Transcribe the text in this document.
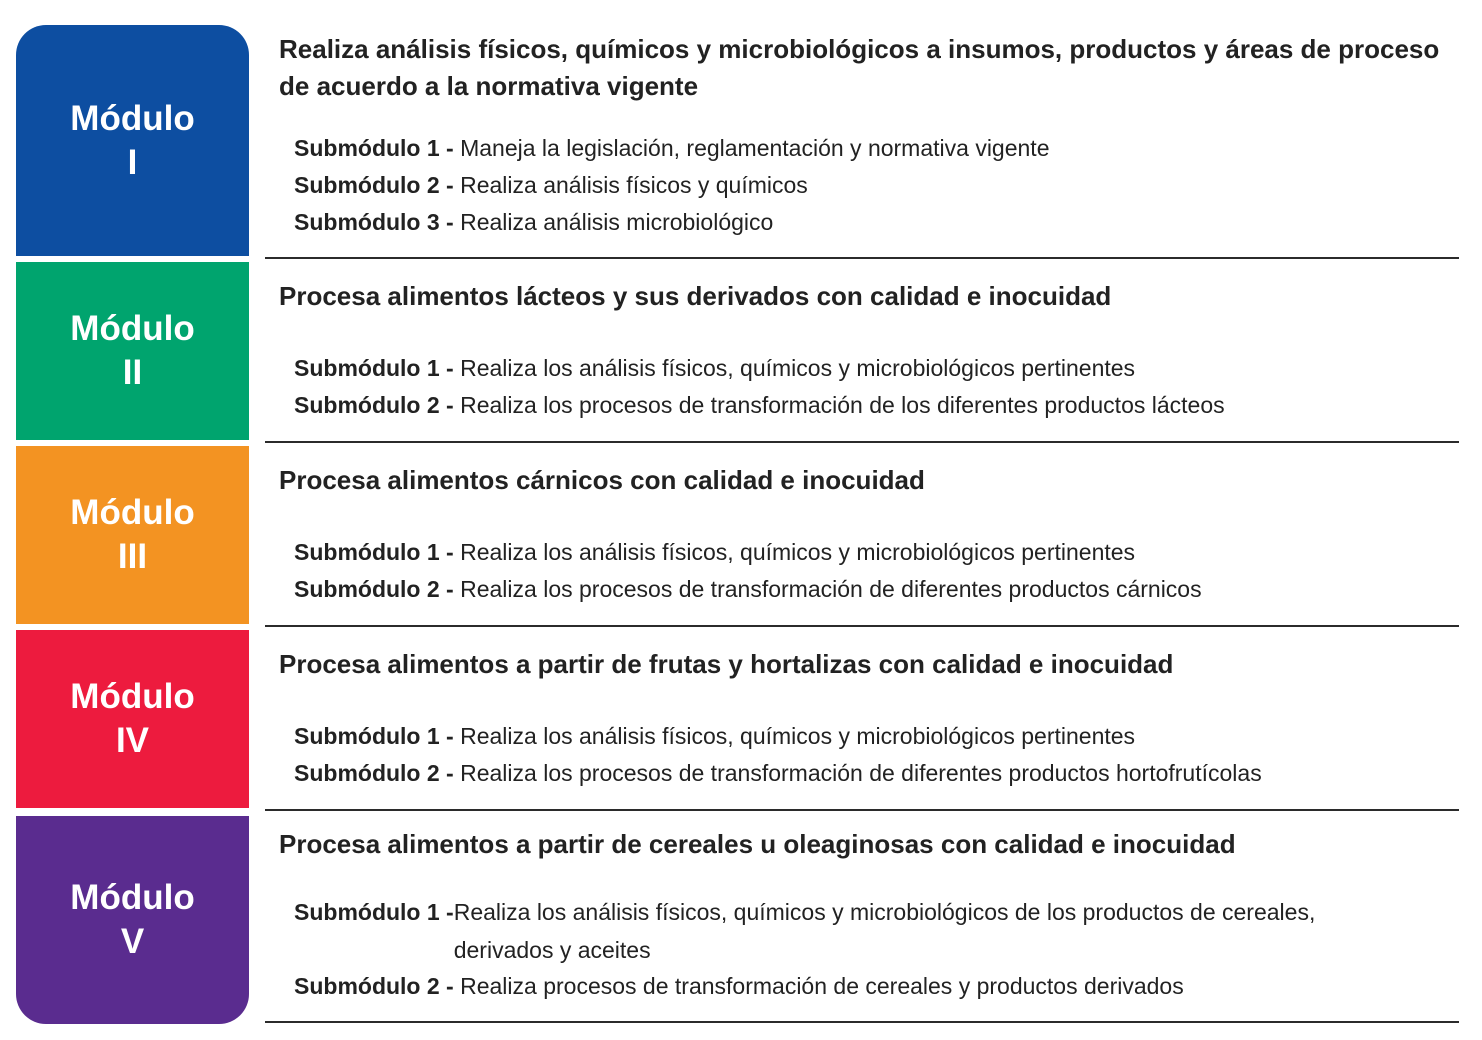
Módulo
I
Realiza análisis físicos, químicos y microbiológicos a insumos, productos y áreas de proceso de acuerdo a la normativa vigente
Submódulo 1 - Maneja la legislación, reglamentación y normativa vigente
Submódulo 2 - Realiza análisis físicos y químicos
Submódulo 3 - Realiza análisis microbiológico
Módulo
II
Procesa alimentos lácteos y sus derivados con calidad e inocuidad
Submódulo 1 - Realiza los análisis físicos, químicos y microbiológicos pertinentes
Submódulo 2 - Realiza los procesos de transformación de los diferentes productos lácteos
Módulo
III
Procesa alimentos cárnicos con calidad e inocuidad
Submódulo 1 - Realiza los análisis físicos, químicos y microbiológicos pertinentes
Submódulo 2 - Realiza los procesos de transformación de diferentes productos cárnicos
Módulo
IV
Procesa alimentos a partir de frutas y hortalizas con calidad e inocuidad
Submódulo 1 - Realiza los análisis físicos, químicos y microbiológicos pertinentes
Submódulo 2 - Realiza los procesos de transformación de diferentes productos hortofrutícolas
Módulo
V
Procesa alimentos a partir de cereales u oleaginosas con calidad e inocuidad
Submódulo 1 - Realiza los análisis físicos, químicos y microbiológicos de los productos de cereales, derivados y aceites
Submódulo 2 - Realiza procesos de transformación de cereales y productos derivados
